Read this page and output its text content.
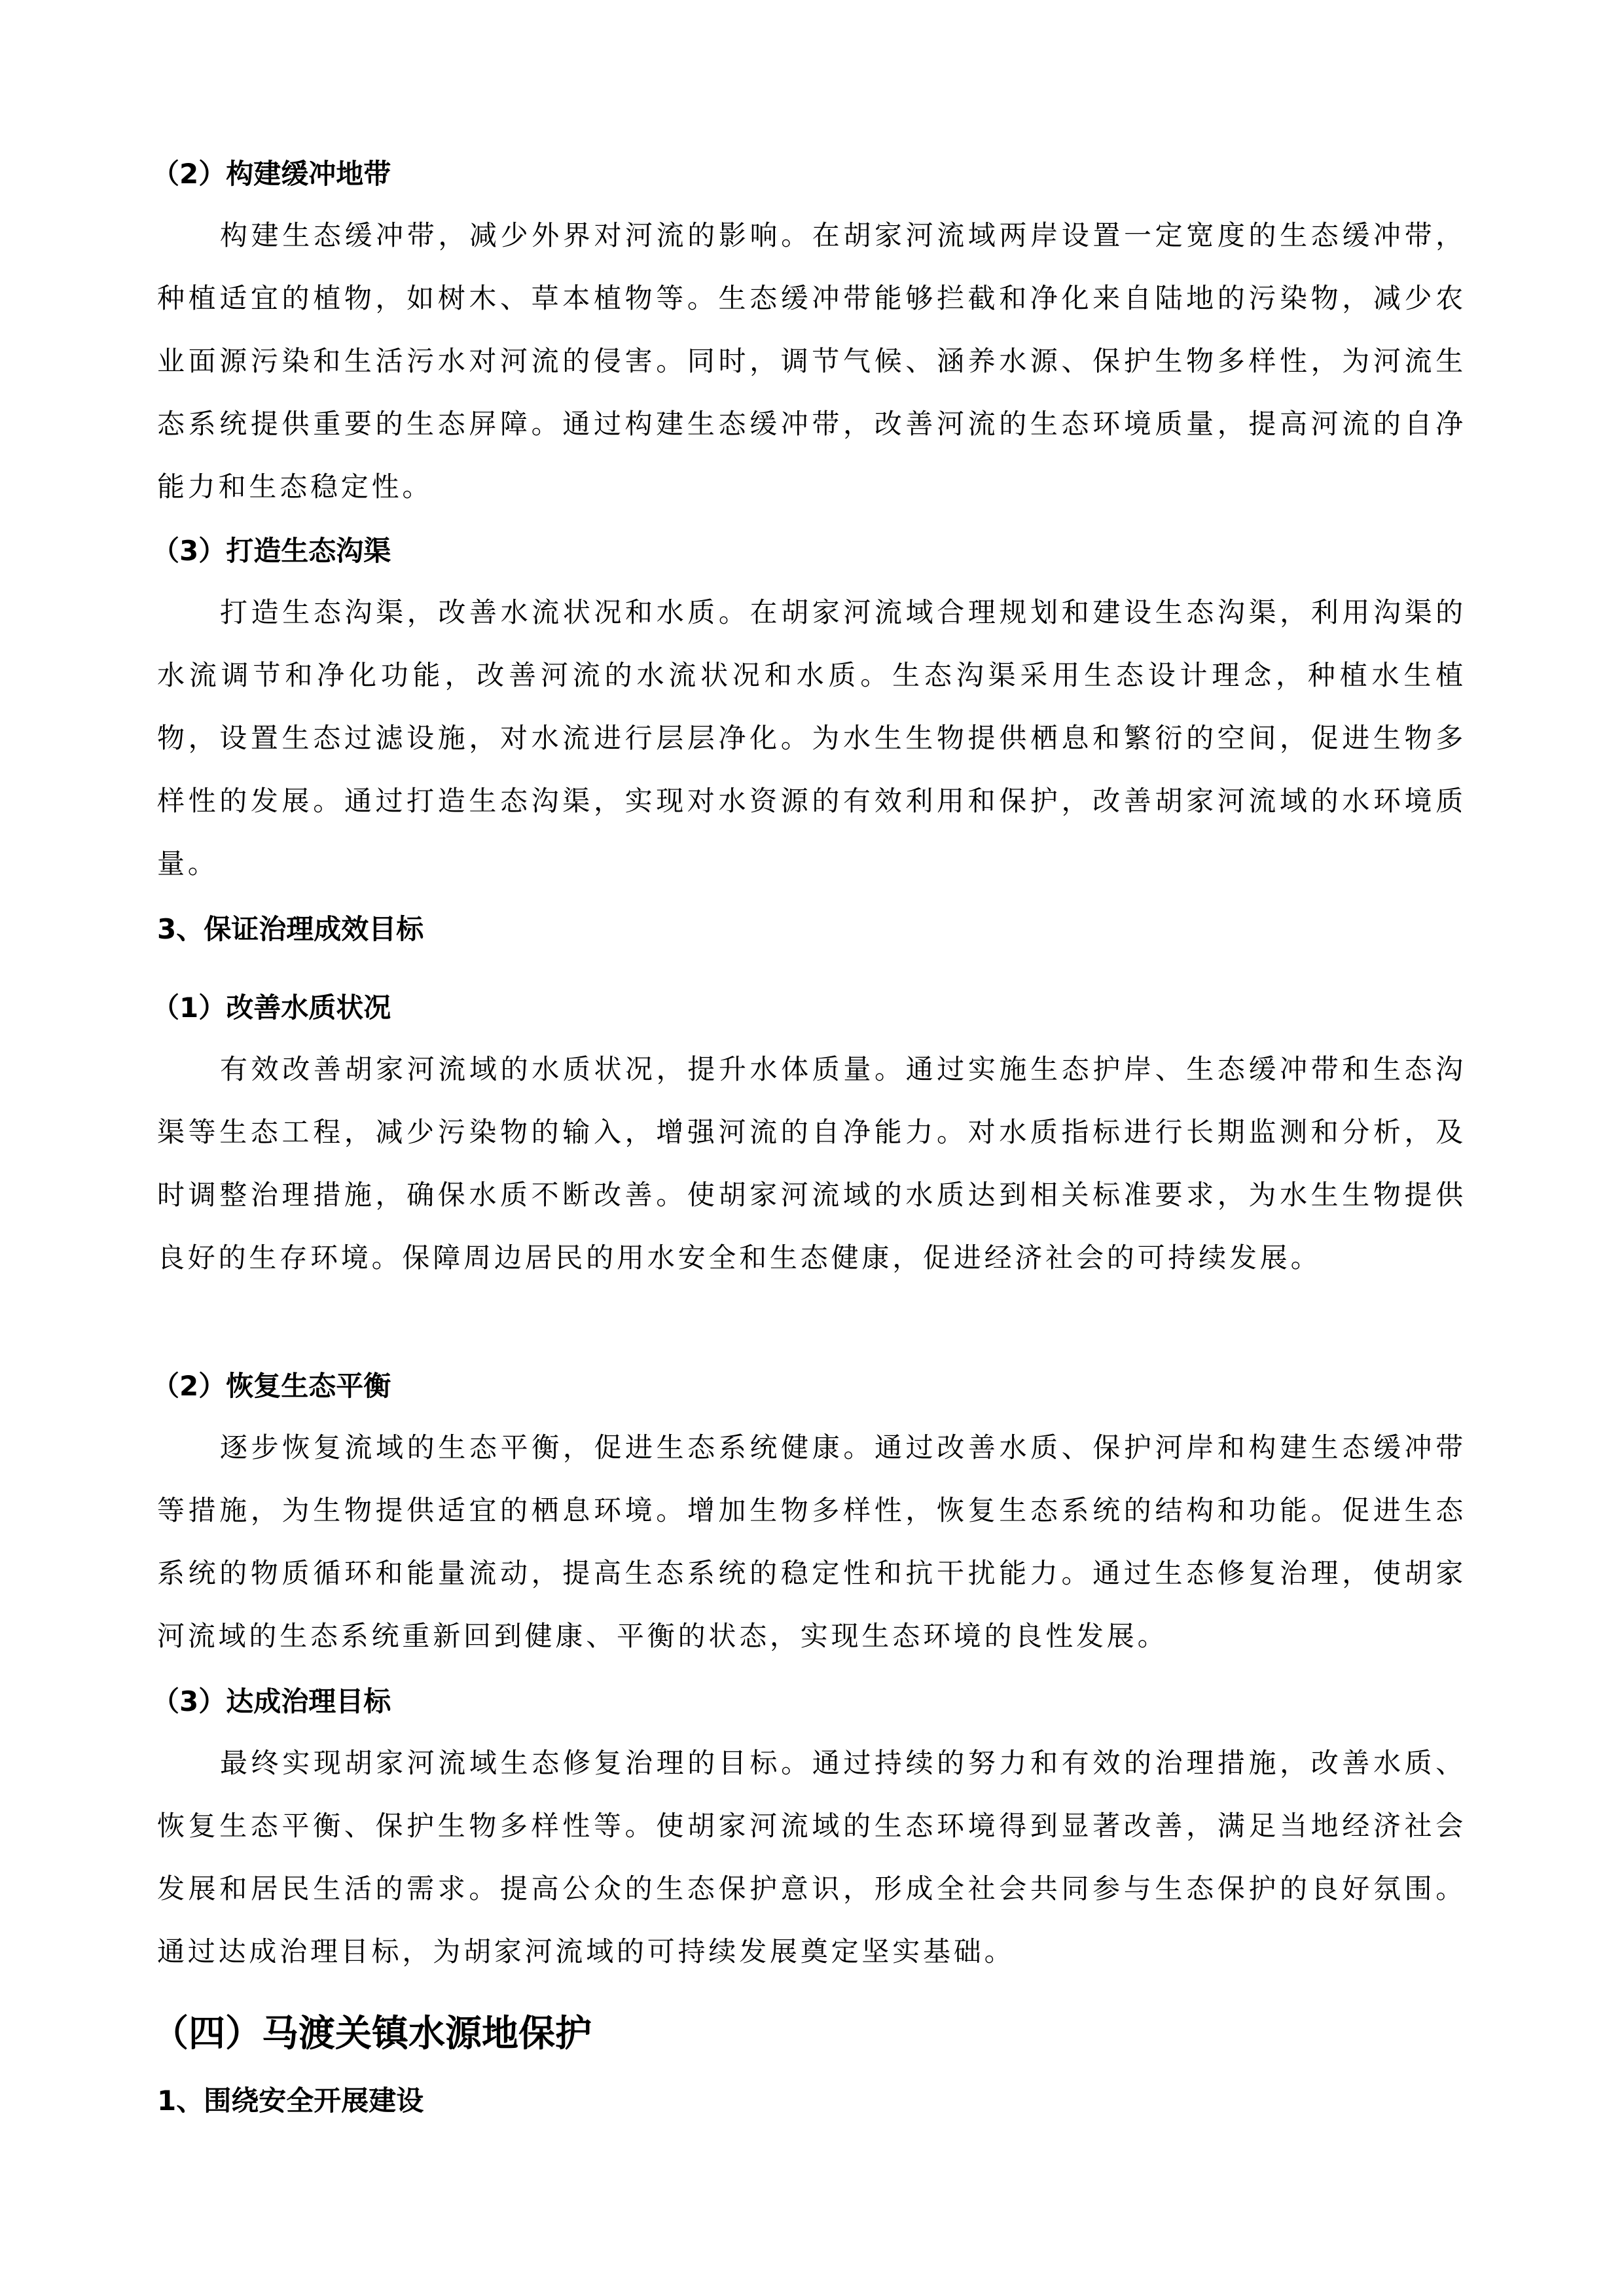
（2）构建缓冲地带

构建生态缓冲带，减少外界对河流的影响。在胡家河流域两岸设置一定宽度的生态缓冲带，种植适宜的植物，如树木、草本植物等。生态缓冲带能够拦截和净化来自陆地的污染物，减少农业面源污染和生活污水对河流的侵害。同时，调节气候、涵养水源、保护生物多样性，为河流生态系统提供重要的生态屏障。通过构建生态缓冲带，改善河流的生态环境质量，提高河流的自净能力和生态稳定性。

（3）打造生态沟渠

打造生态沟渠，改善水流状况和水质。在胡家河流域合理规划和建设生态沟渠，利用沟渠的水流调节和净化功能，改善河流的水流状况和水质。生态沟渠采用生态设计理念，种植水生植物，设置生态过滤设施，对水流进行层层净化。为水生生物提供栖息和繁衍的空间，促进生物多样性的发展。通过打造生态沟渠，实现对水资源的有效利用和保护，改善胡家河流域的水环境质量。

3、保证治理成效目标
（1）改善水质状况

有效改善胡家河流域的水质状况，提升水体质量。通过实施生态护岸、生态缓冲带和生态沟渠等生态工程，减少污染物的输入，增强河流的自净能力。对水质指标进行长期监测和分析，及时调整治理措施，确保水质不断改善。使胡家河流域的水质达到相关标准要求，为水生生物提供良好的生存环境。保障周边居民的用水安全和生态健康，促进经济社会的可持续发展。

（2）恢复生态平衡

逐步恢复流域的生态平衡，促进生态系统健康。通过改善水质、保护河岸和构建生态缓冲带等措施，为生物提供适宜的栖息环境。增加生物多样性，恢复生态系统的结构和功能。促进生态系统的物质循环和能量流动，提高生态系统的稳定性和抗干扰能力。通过生态修复治理，使胡家河流域的生态系统重新回到健康、平衡的状态，实现生态环境的良性发展。

（3）达成治理目标

最终实现胡家河流域生态修复治理的目标。通过持续的努力和有效的治理措施，改善水质、恢复生态平衡、保护生物多样性等。使胡家河流域的生态环境得到显著改善，满足当地经济社会发展和居民生活的需求。提高公众的生态保护意识，形成全社会共同参与生态保护的良好氛围。通过达成治理目标，为胡家河流域的可持续发展奠定坚实基础。

（四）马渡关镇水源地保护
1、围绕安全开展建设
